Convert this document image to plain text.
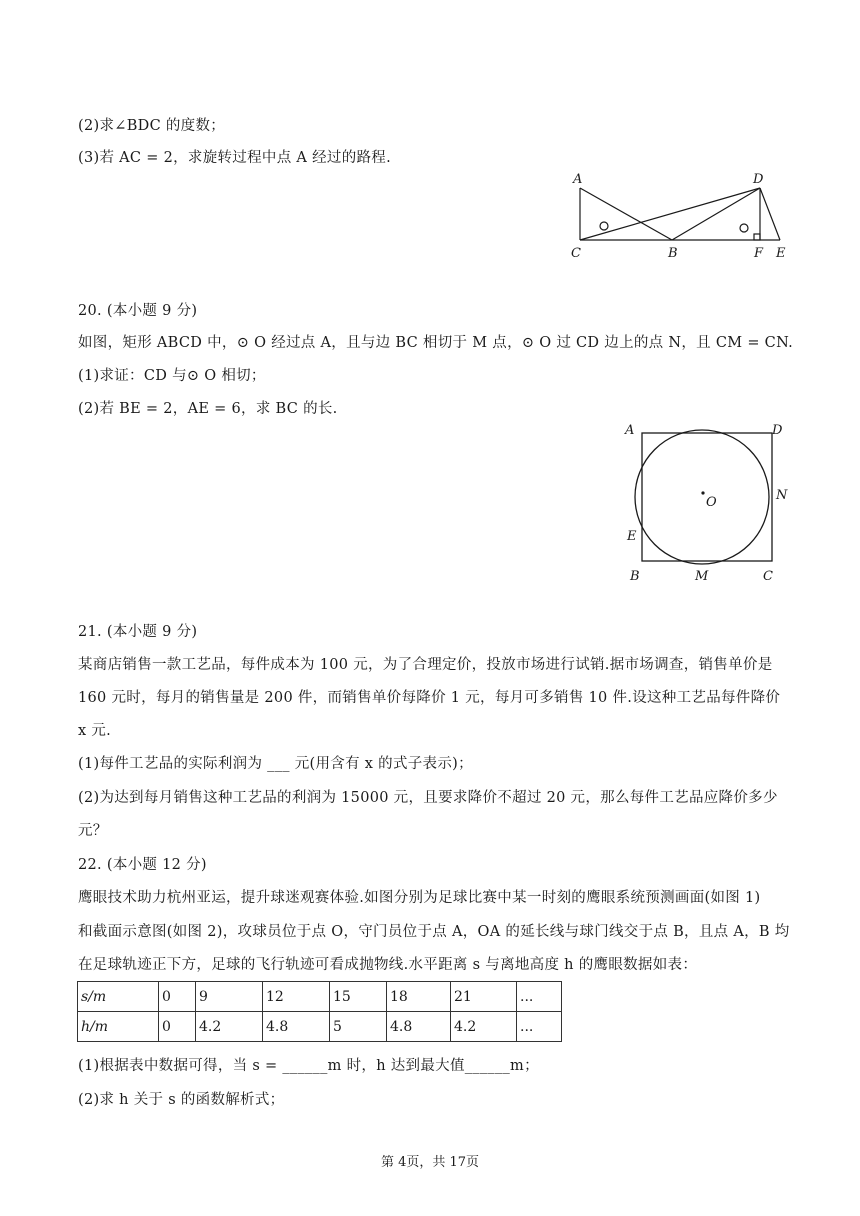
(2)求∠BDC 的度数；
(3)若 AC = 2，求旋转过程中点 A 经过的路程.
A	D
C	B	F E
20. (本小题 9 分)
如图，矩形 ABCD 中，⊙ O 经过点 A，且与边 BC 相切于 M 点，⊙ O 过 CD 边上的点 N，且 CM = CN.
(1)求证：CD 与⊙ O 相切；
(2)若 BE = 2，AE = 6，求 BC 的长.
A	D
O	N
E
B	M	C
21. (本小题 9 分)
某商店销售一款工艺品，每件成本为 100 元，为了合理定价，投放市场进行试销.据市场调查，销售单价是
160 元时，每月的销售量是 200 件，而销售单价每降价 1 元，每月可多销售 10 件.设这种工艺品每件降价
x 元.
(1)每件工艺品的实际利润为 ___ 元(用含有 x 的式子表示)；
(2)为达到每月销售这种工艺品的利润为 15000 元，且要求降价不超过 20 元，那么每件工艺品应降价多少
元？
22. (本小题 12 分)
鹰眼技术助力杭州亚运，提升球迷观赛体验.如图分别为足球比赛中某一时刻的鹰眼系统预测画面(如图 1)
和截面示意图(如图 2)，攻球员位于点 O，守门员位于点 A，OA 的延长线与球门线交于点 B，且点 A，B 均
在足球轨迹正下方，足球的飞行轨迹可看成抛物线.水平距离 s 与离地高度 h 的鹰眼数据如表：
s/m	0	9	12	15	18	21	...
h/m	0	4.2	4.8	5	4.8	4.2	...
(1)根据表中数据可得，当 s = ______m 时，h 达到最大值______m；
(2)求 h 关于 s 的函数解析式；
第 4页，共 17页
